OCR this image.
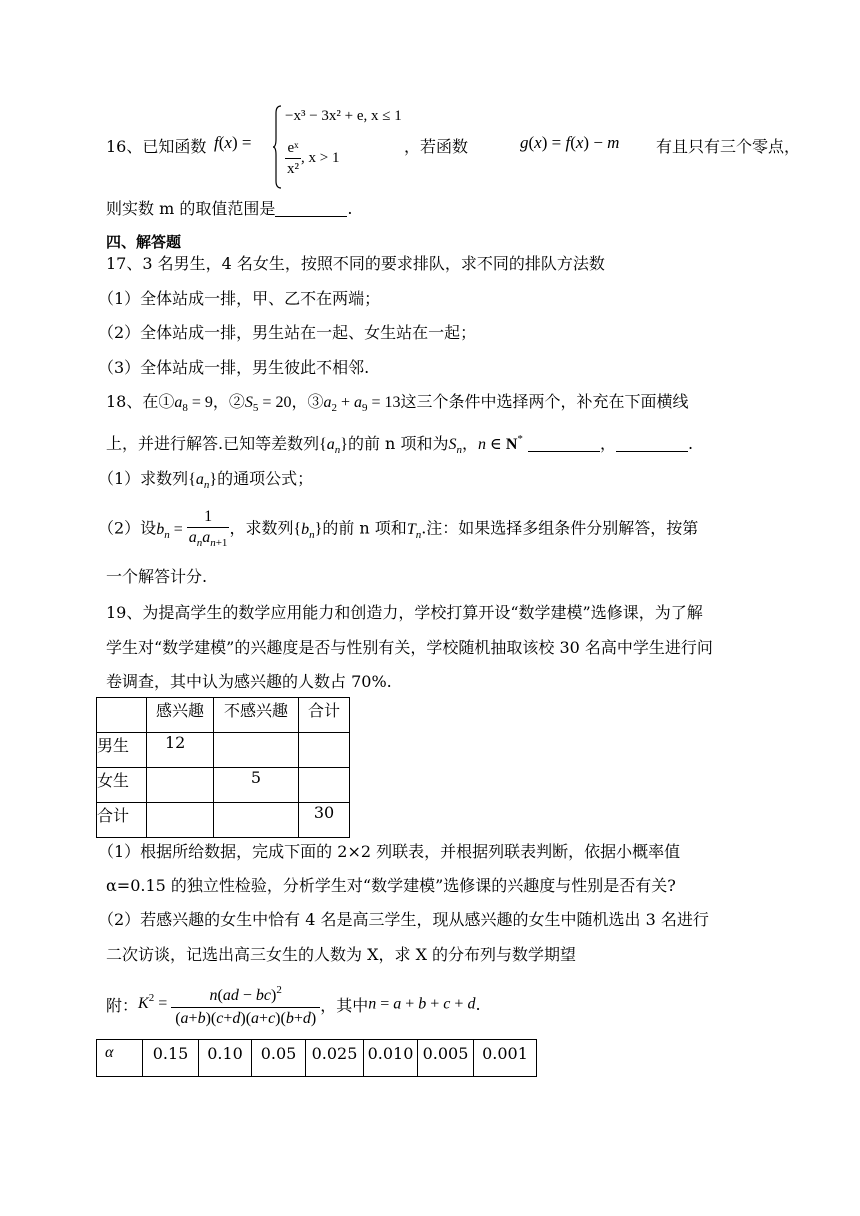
16、已知函数 f(x) =
−x³ − 3x² + e, x ≤ 1
$\frac{\text{eˣ}}{\text{x²}}$ , x > 1
，若函数	g(x) = f(x) − m 有且只有三个零点，
则实数 m 的取值范围是	.
四、解答题
17、3 名男生，4 名女生，按照不同的要求排队，求不同的排队方法数
（1）全体站成一排，甲、乙不在两端；
（2）全体站成一排，男生站在一起、女生站在一起；
（3）全体站成一排，男生彼此不相邻.
18、在$①a_8 = 9$，$②S_5 = 20$，$③a_2 + a_9 = 13$这三个条件中选择两个，补充在下面横线
上，并进行解答.已知等差数列$\{a_n\}$的前 n 项和为$S_n$，n ∈ N*	，	.
（1）求数列$\{a_n\}$的通项公式；
（2）设$b_n = \frac{1}{a_na_{n+1}}$ ，求数列$\{b_n\}$的前 n 项和$T_n$.注：如果选择多组条件分别解答，按第
一个解答计分.
19、为提高学生的数学应用能力和创造力，学校打算开设“数学建模”选修课，为了解
学生对“数学建模”的兴趣度是否与性别有关，学校随机抽取该校 30 名高中学生进行问
卷调查，其中认为感兴趣的人数占 70%.
	感兴趣	不感兴趣	合计
男生	12		
女生		5	
合计			30
（1）根据所给数据，完成下面的 2×2 列联表，并根据列联表判断，依据小概率值
α=0.15 的独立性检验，分析学生对“数学建模”选修课的兴趣度与性别是否有关?
（2）若感兴趣的女生中恰有 4 名是高三学生，现从感兴趣的女生中随机选出 3 名进行
二次访谈，记选出高三女生的人数为 X，求 X 的分布列与数学期望
附：$K^2 = \frac{n(ad - bc)^2}{(a+b)(c+d)(a+c)(b+d)}$ ，其中n = a + b + c + d.
α	0.15	0.10	0.05	0.025	0.010	0.005	0.001
